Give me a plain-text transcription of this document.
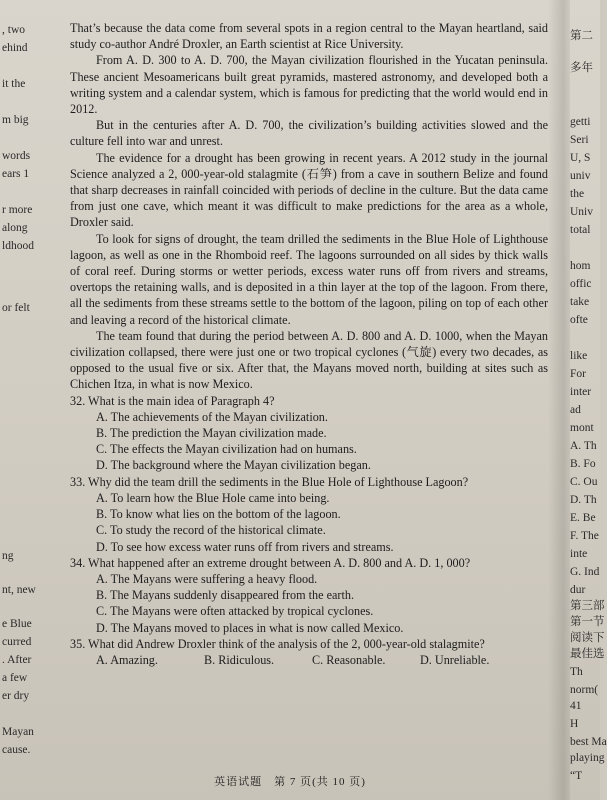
, two
ehind
it the
m big
words
ears 1
r more
along
ldhood
or felt
ng
nt, new
e Blue
curred
. After
a few
er dry
Mayan
cause.

That’s because the data come from several spots in a region central to the Mayan heartland, said study co-author André Droxler, an Earth scientist at Rice University.

From A. D. 300 to A. D. 700, the Mayan civilization flourished in the Yucatan peninsula. These ancient Mesoamericans built great pyramids, mastered astronomy, and developed both a writing system and a calendar system, which is famous for predicting that the world would end in 2012.

But in the centuries after A. D. 700, the civilization’s building activities slowed and the culture fell into war and unrest.

The evidence for a drought has been growing in recent years. A 2012 study in the journal Science analyzed a 2, 000-year-old stalagmite (石笋) from a cave in southern Belize and found that sharp decreases in rainfall coincided with periods of decline in the culture. But the data came from just one cave, which meant it was difficult to make predictions for the area as a whole, Droxler said.

To look for signs of drought, the team drilled the sediments in the Blue Hole of Lighthouse lagoon, as well as one in the Rhomboid reef. The lagoons surrounded on all sides by thick walls of coral reef. During storms or wetter periods, excess water runs off from rivers and streams, overtops the retaining walls, and is deposited in a thin layer at the top of the lagoon. From there, all the sediments from these streams settle to the bottom of the lagoon, piling on top of each other and leaving a record of the historical climate.

The team found that during the period between A. D. 800 and A. D. 1000, when the Mayan civilization collapsed, there were just one or two tropical cyclones (气旋) every two decades, as opposed to the usual five or six. After that, the Mayans moved north, building at sites such as Chichen Itza, in what is now Mexico.

32. What is the main idea of Paragraph 4?
A. The achievements of the Mayan civilization.
B. The prediction the Mayan civilization made.
C. The effects the Mayan civilization had on humans.
D. The background where the Mayan civilization began.
33. Why did the team drill the sediments in the Blue Hole of Lighthouse Lagoon?
A. To learn how the Blue Hole came into being.
B. To know what lies on the bottom of the lagoon.
C. To study the record of the historical climate.
D. To see how excess water runs off from rivers and streams.
34. What happened after an extreme drought between A. D. 800 and A. D. 1, 000?
A. The Mayans were suffering a heavy flood.
B. The Mayans suddenly disappeared from the earth.
C. The Mayans were often attacked by tropical cyclones.
D. The Mayans moved to places in what is now called Mexico.
35. What did Andrew Droxler think of the analysis of the 2, 000-year-old stalagmite?
A. Amazing.	B. Ridiculous.	C. Reasonable.	D. Unreliable.
第二
多年
getti
Seri
U, S
univ
the
Univ
total
hom
offic
take
ofte
like
For
inter
ad
mont
A. Th
B. Fo
C. Ou
D. Th
E. Be
F. The
inte
G. Ind
dur
第三部
第一节
阅读下
最佳选
Th
norm(
41
H
best Ma
playing
“T
英语试题　第 7 页(共 10 页)
